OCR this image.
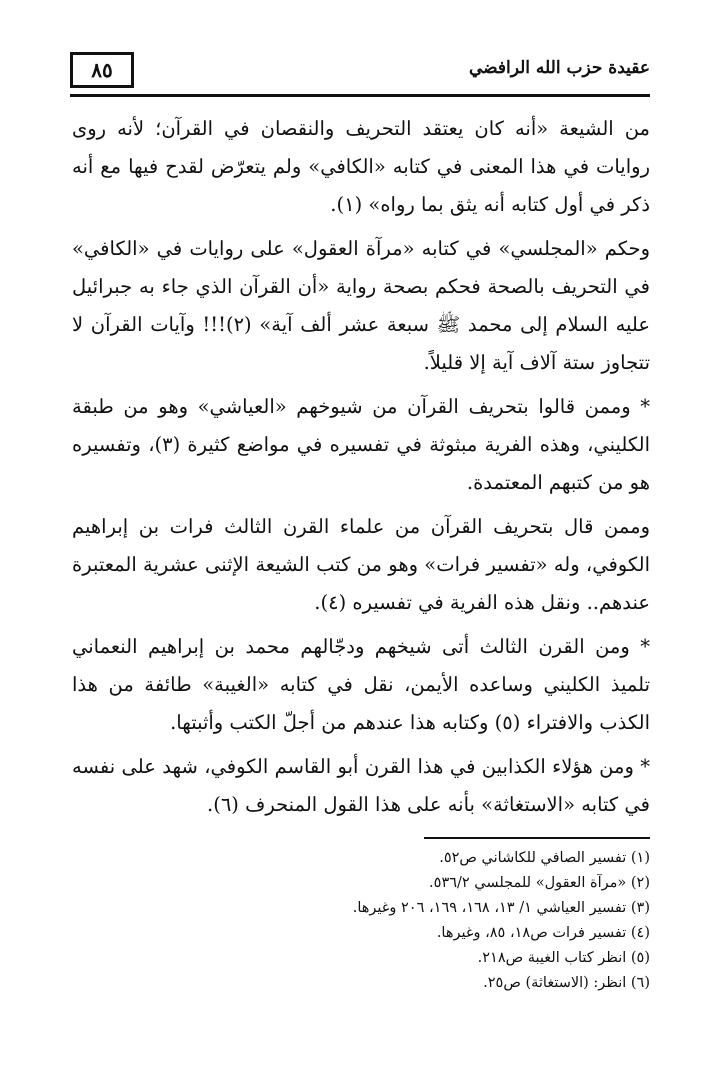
٨٥	عقيدة حزب الله الرافضي

من الشيعة «أنه كان يعتقد التحريف والنقصان في القرآن؛ لأنه روى روايات في هذا المعنى في كتابه «الكافي» ولم يتعرّض لقدح فيها مع أنه ذكر في أول كتابه أنه يثق بما رواه» (١).

وحكم «المجلسي» في كتابه «مرآة العقول» على روايات في «الكافي» في التحريف بالصحة فحكم بصحة رواية «أن القرآن الذي جاء به جبرائيل عليه السلام إلى محمد ﷺ سبعة عشر ألف آية» (٢)!!! وآيات القرآن لا تتجاوز ستة آلاف آية إلا قليلاً.

* وممن قالوا بتحريف القرآن من شيوخهم «العياشي» وهو من طبقة الكليني، وهذه الفرية مبثوثة في تفسيره في مواضع كثيرة (٣)، وتفسيره هو من كتبهم المعتمدة.

وممن قال بتحريف القرآن من علماء القرن الثالث فرات بن إبراهيم الكوفي، وله «تفسير فرات» وهو من كتب الشيعة الإثنى عشرية المعتبرة عندهم.. ونقل هذه الفرية في تفسيره (٤).

* ومن القرن الثالث أتى شيخهم ودجّالهم محمد بن إبراهيم النعماني تلميذ الكليني وساعده الأيمن، نقل في كتابه «الغيبة» طائفة من هذا الكذب والافتراء (٥) وكتابه هذا عندهم من أجلّ الكتب وأثبتها.

* ومن هؤلاء الكذابين في هذا القرن أبو القاسم الكوفي، شهد على نفسه في كتابه «الاستغاثة» بأنه على هذا القول المنحرف (٦).

(١) تفسير الصافي للكاشاني ص٥٢.

(٢) «مرآة العقول» للمجلسي ٥٣٦/٢.

(٣) تفسير العياشي ١/ ١٣، ١٦٨، ١٦٩، ٢٠٦ وغيرها.

(٤) تفسير فرات ص١٨، ٨٥، وغيرها.

(٥) انظر كتاب الغيبة ص٢١٨.

(٦) انظر: (الاستغاثة) ص٢٥.
